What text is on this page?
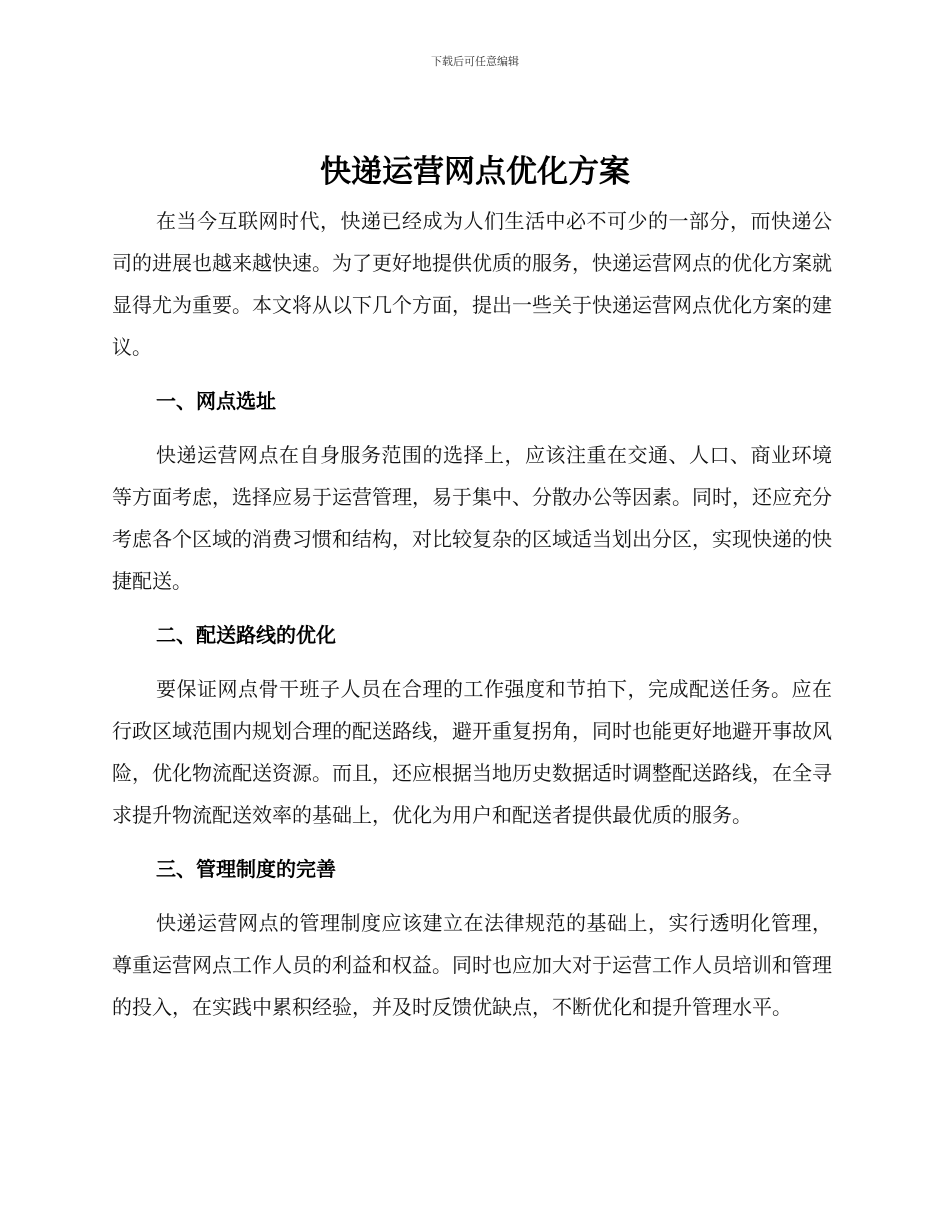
下载后可任意编辑
快递运营网点优化方案

在当今互联网时代，快递已经成为人们生活中必不可少的一部分，而快递公司的进展也越来越快速。为了更好地提供优质的服务，快递运营网点的优化方案就显得尤为重要。本文将从以下几个方面，提出一些关于快递运营网点优化方案的建议。

一、网点选址

快递运营网点在自身服务范围的选择上，应该注重在交通、人口、商业环境等方面考虑，选择应易于运营管理，易于集中、分散办公等因素。同时，还应充分考虑各个区域的消费习惯和结构，对比较复杂的区域适当划出分区，实现快递的快捷配送。

二、配送路线的优化

要保证网点骨干班子人员在合理的工作强度和节拍下，完成配送任务。应在行政区域范围内规划合理的配送路线，避开重复拐角，同时也能更好地避开事故风险，优化物流配送资源。而且，还应根据当地历史数据适时调整配送路线，在全寻求提升物流配送效率的基础上，优化为用户和配送者提供最优质的服务。

三、管理制度的完善

快递运营网点的管理制度应该建立在法律规范的基础上，实行透明化管理，尊重运营网点工作人员的利益和权益。同时也应加大对于运营工作人员培训和管理的投入，在实践中累积经验，并及时反馈优缺点，不断优化和提升管理水平。
